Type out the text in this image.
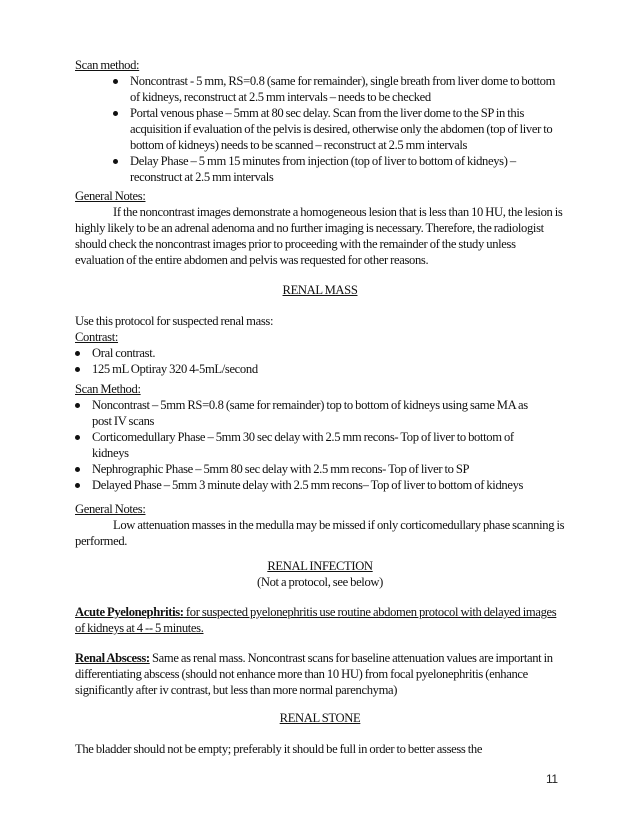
Scan method:
Noncontrast - 5 mm, RS=0.8 (same for remainder), single breath from liver dome to bottom of kidneys, reconstruct at 2.5 mm intervals – needs to be checked
Portal venous phase – 5mm at 80 sec delay. Scan from the liver dome to the SP in this acquisition if evaluation of the pelvis is desired, otherwise only the abdomen (top of liver to bottom of kidneys) needs to be scanned – reconstruct at 2.5 mm intervals
Delay Phase – 5 mm 15 minutes from injection (top of liver to bottom of kidneys) – reconstruct at 2.5 mm intervals
General Notes:
If the noncontrast images demonstrate a homogeneous lesion that is less than 10 HU, the lesion is highly likely to be an adrenal adenoma and no further imaging is necessary. Therefore, the radiologist should check the noncontrast images prior to proceeding with the remainder of the study unless evaluation of the entire abdomen and pelvis was requested for other reasons.
RENAL MASS
Use this protocol for suspected renal mass:
Contrast:
Oral contrast.
125 mL Optiray 320 4-5mL/second
Scan Method:
Noncontrast – 5mm RS=0.8 (same for remainder) top to bottom of kidneys using same MA as post IV scans
Corticomedullary Phase – 5mm 30 sec delay with 2.5 mm recons- Top of liver to bottom of kidneys
Nephrographic Phase – 5mm 80 sec delay with 2.5 mm recons- Top of liver to SP
Delayed Phase – 5mm 3 minute delay with 2.5 mm recons– Top of liver to bottom of kidneys
General Notes:
Low attenuation masses in the medulla may be missed if only corticomedullary phase scanning is performed.
RENAL INFECTION
(Not a protocol, see below)
Acute Pyelonephritis: for suspected pyelonephritis use routine abdomen protocol with delayed images of kidneys at 4 -- 5 minutes.
Renal Abscess: Same as renal mass. Noncontrast scans for baseline attenuation values are important in differentiating abscess (should not enhance more than 10 HU) from focal pyelonephritis (enhance significantly after iv contrast, but less than more normal parenchyma)
RENAL STONE
The bladder should not be empty; preferably it should be full in order to better assess the
11
